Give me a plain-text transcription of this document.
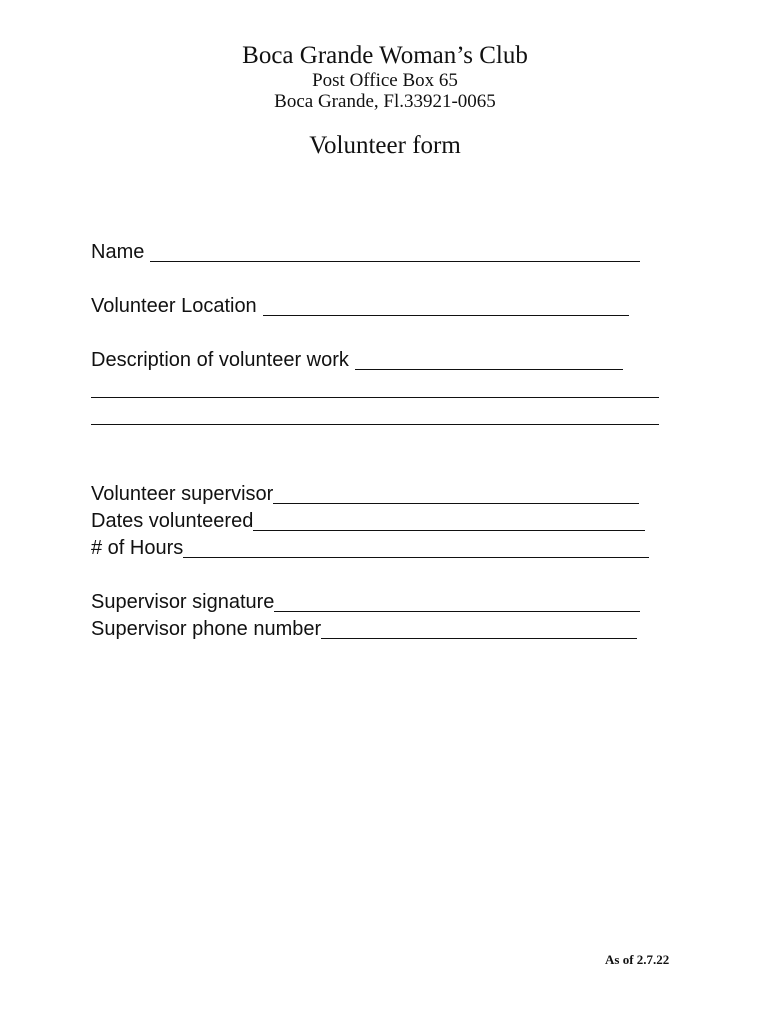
Boca Grande Woman’s Club
Post Office Box 65
Boca Grande, Fl.33921-0065
Volunteer form
Name
Volunteer Location
Description of volunteer work
Volunteer supervisor
Dates volunteered
# of Hours
Supervisor signature
Supervisor phone number
As of 2.7.22
